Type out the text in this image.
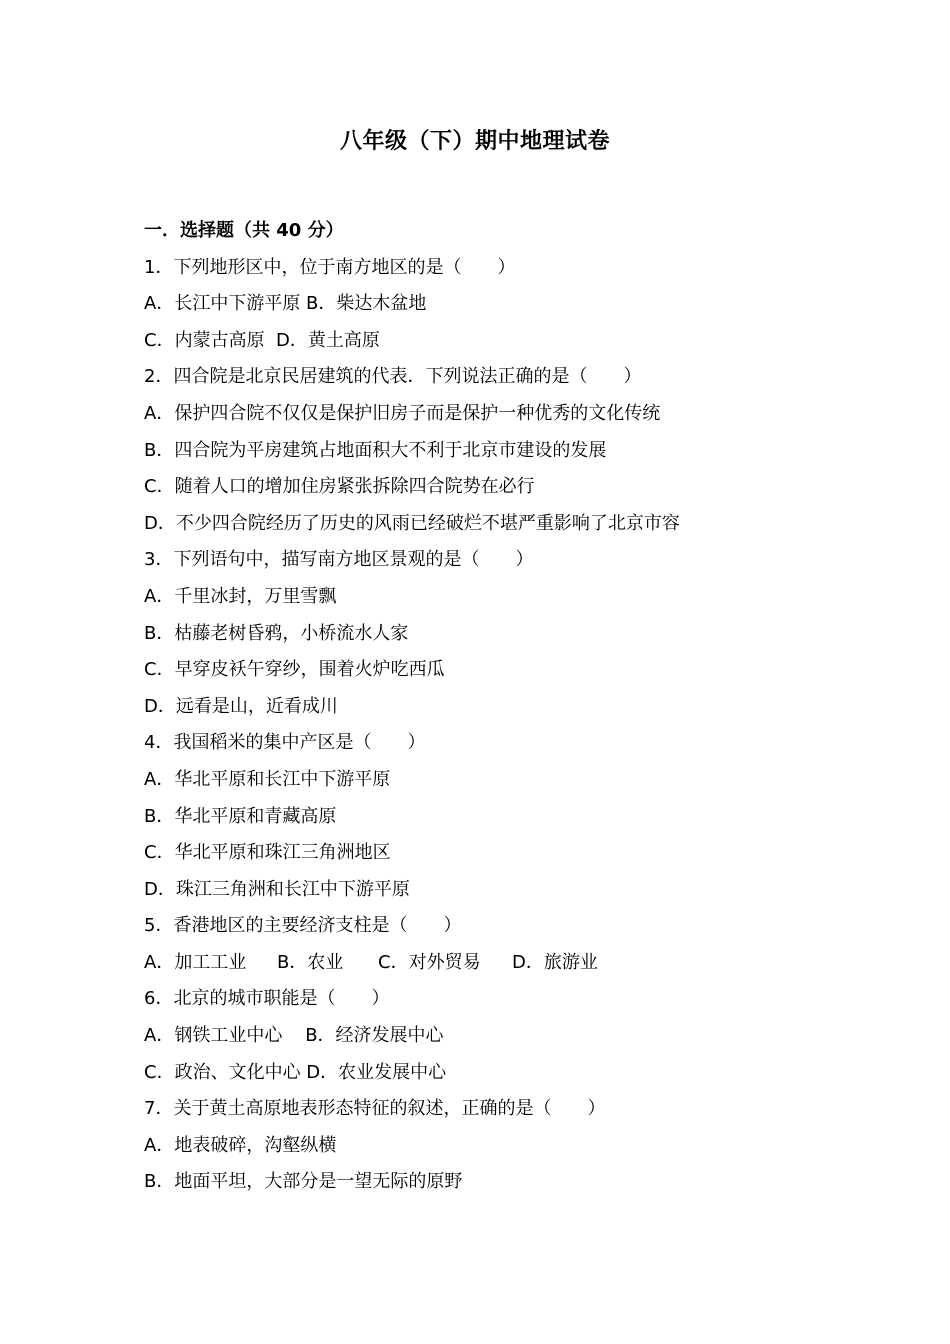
八年级（下）期中地理试卷
一．选择题（共 40 分）
1．下列地形区中，位于南方地区的是（　　）
A．长江中下游平原 B．柴达木盆地
C．内蒙古高原  D．黄土高原
2．四合院是北京民居建筑的代表．下列说法正确的是（　　）
A．保护四合院不仅仅是保护旧房子而是保护一种优秀的文化传统
B．四合院为平房建筑占地面积大不利于北京市建设的发展
C．随着人口的增加住房紧张拆除四合院势在必行
D．不少四合院经历了历史的风雨已经破烂不堪严重影响了北京市容
3．下列语句中，描写南方地区景观的是（　　）
A．千里冰封，万里雪飘
B．枯藤老树昏鸦，小桥流水人家
C．早穿皮袄午穿纱，围着火炉吃西瓜
D．远看是山，近看成川
4．我国稻米的集中产区是（　　）
A．华北平原和长江中下游平原
B．华北平原和青藏高原
C．华北平原和珠江三角洲地区
D．珠江三角洲和长江中下游平原
5．香港地区的主要经济支柱是（　　）
A．加工工业	B．农业	C．对外贸易	D．旅游业
6．北京的城市职能是（　　）
A．钢铁工业中心    B．经济发展中心
C．政治、文化中心 D．农业发展中心
7．关于黄土高原地表形态特征的叙述，正确的是（　　）
A．地表破碎，沟壑纵横
B．地面平坦，大部分是一望无际的原野
